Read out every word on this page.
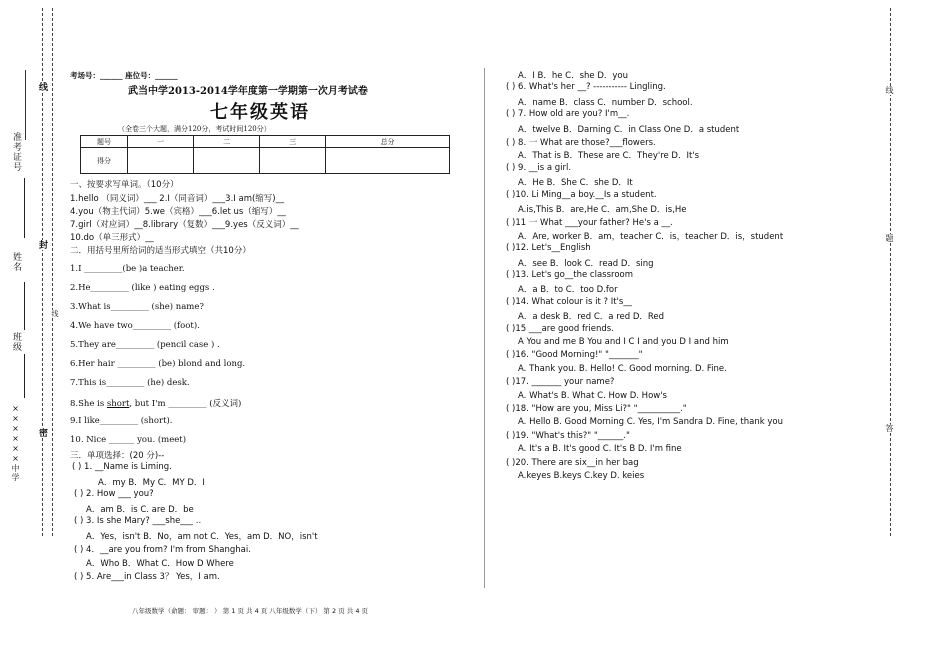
准考证号
姓名
班级
××××××中学
线
封
密
线
线
题
答
考场号：______ 座位号：______
武当中学2013-2014学年度第一学期第一次月考试卷
七年级英语
（全卷三个大题，满分120分，考试时间120分）
题号	一	二	三	总分
得分				
一、按要求写单词。（10分）
1.hello （同义词）___ 2.I（同音词）___3.I am(缩写)__
4.you（物主代词）5.we（宾格）___6.let us（缩写）__
7.girl（对应词）__8.library（复数）___9.yes（反义词）__
10.do（单三形式）__
二．用括号里所给词的适当形式填空（共10分）
1.I _________(be )a teacher.
2.He_________ (like ) eating eggs .
3.What is_________ (she) name?
4.We have two_________ (foot).
5.They are_________ (pencil case ) .
6.Her hair _________ (be) blond and long.
7.This is_________ (he) desk.
8.She is short, but I'm _________ (反义词)
9.I like_________ (short).
10. Nice ______ you. (meet)
三．单项选择：(20 分)--
( ) 1. __Name is Liming.
A．my B．My C．MY D．I
( ) 2. How ___ you?
A．am B．is C. are D．be
( ) 3. Is she Mary? ___she___ ..
A．Yes，isn't B．No，am not C．Yes，am D．NO，isn't
( ) 4．__are you from? I'm from Shanghai.
A．Who B．What C．How D Where
( ) 5. Are___in Class 3？ Yes，I am.
A．I B．he C．she D．you
( ) 6. What's her __? ----------- Lingling.
A．name B．class C．number D．school.
( ) 7. How old are you? I'm__.
A．twelve B．Darning C．in Class One D．a student
( ) 8. 一 What are those?___flowers.
A．That is B．These are C．They're D．It's
( ) 9. __is a girl.
A．He B．She C．she D．It
( )10. Li Ming__a boy.__Is a student.
A.is,This B．are,He C．am,She D．is,He
( )11 一 What ___your father? He's a __.
A．Are, worker B．am，teacher C．is，teacher D．is，student
( )12. Let's__English
A．see B．look C．read D．sing
( )13. Let's go__the classroom
A．a B．to C．too D.for
( )14. What colour is it ? It's__
A．a desk B．red C．a red D．Red
( )15 ___are good friends.
A You and me B You and I C I and you D I and him
( )16. "Good Morning!" "_______"
A. Thank you. B. Hello! C. Good morning. D. Fine.
( )17. _______ your name?
A. What's B. What C. How D. How's
( )18. "How are you, Miss Li?" "__________."
A. Hello B. Good Morning C. Yes, I'm Sandra D. Fine, thank you
( )19. "What's this?" "______."
A. It's a B. It's good C. It's B D. I'm fine
( )20. There are six__in her bag
A.keyes B.keys C.key D. keies
八年级数学（命题： 审题： ） 第 1 页 共 4 页 八年级数学（下） 第 2 页 共 4 页
